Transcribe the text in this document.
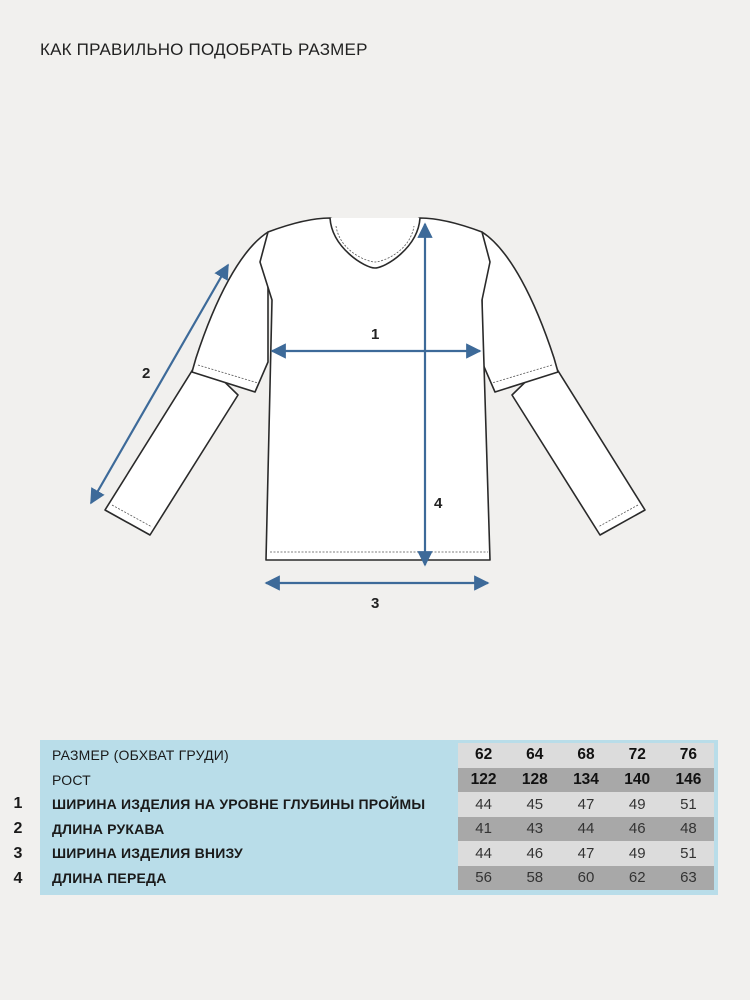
КАК ПРАВИЛЬНО ПОДОБРАТЬ РАЗМЕР
1
2
3
4
РАЗМЕР (ОБХВАТ ГРУДИ)	62	64	68	72	76
РОСТ	122	128	134	140	146
ШИРИНА ИЗДЕЛИЯ НА УРОВНЕ ГЛУБИНЫ ПРОЙМЫ	44	45	47	49	51
ДЛИНА РУКАВА	41	43	44	46	48
ШИРИНА ИЗДЕЛИЯ ВНИЗУ	44	46	47	49	51
ДЛИНА ПЕРЕДА	56	58	60	62	63
1
2
3
4
